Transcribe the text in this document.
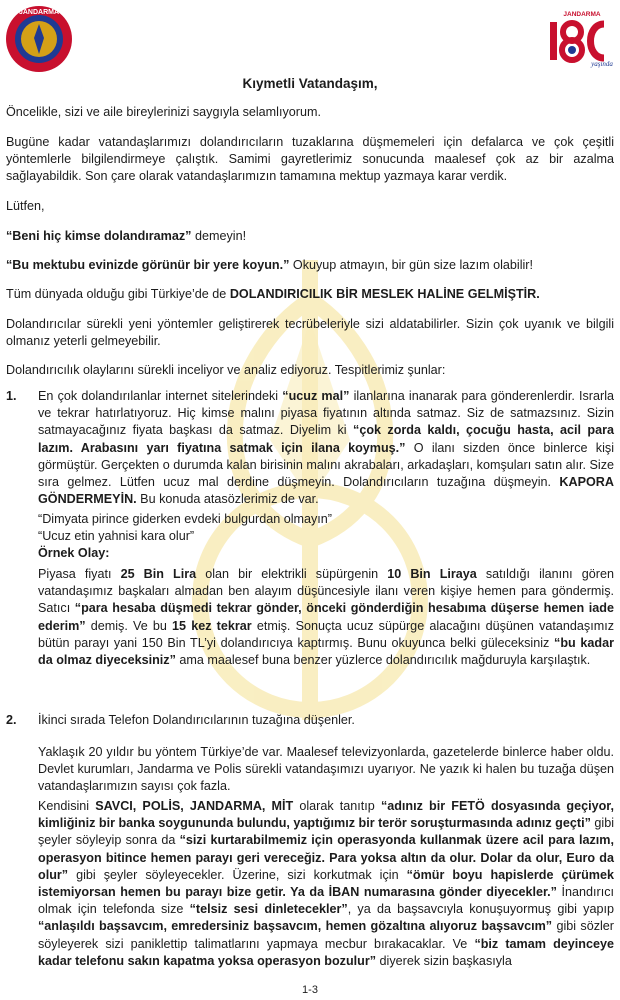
JANDARMA	JANDARMA
yaşında
Kıymetli Vatandaşım,

Öncelikle, sizi ve aile bireylerinizi saygıyla selamlıyorum.

Bugüne kadar vatandaşlarımızı dolandırıcıların tuzaklarına düşmemeleri için defalarca ve çok çeşitli yöntemlerle bilgilendirmeye çalıştık. Samimi gayretlerimiz sonucunda maalesef çok az bir azalma sağlayabildik. Son çare olarak vatandaşlarımızın tamamına mektup yazmaya karar verdik.

Lütfen,

“Beni hiç kimse dolandıramaz” demeyin!

“Bu mektubu evinizde görünür bir yere koyun.” Okuyup atmayın, bir gün size lazım olabilir!

Tüm dünyada olduğu gibi Türkiye’de de DOLANDIRICILIK BİR MESLEK HALİNE GELMİŞTİR.

Dolandırıcılar sürekli yeni yöntemler geliştirerek tecrübeleriyle sizi aldatabilirler. Sizin çok uyanık ve bilgili olmanız yeterli gelmeyebilir.

Dolandırıcılık olaylarını sürekli inceliyor ve analiz ediyoruz. Tespitlerimiz şunlar:

1. En çok dolandırılanlar internet sitelerindeki “ucuz mal” ilanlarına inanarak para gönderenlerdir. Israrla ve tekrar hatırlatıyoruz. Hiç kimse malını piyasa fiyatının altında satmaz. Siz de satmazsınız. Sizin satmayacağınız fiyata başkası da satmaz. Diyelim ki “çok zorda kaldı, çocuğu hasta, acil para lazım. Arabasını yarı fiyatına satmak için ilana koymuş.” O ilanı sizden önce binlerce kişi görmüştür. Gerçekten o durumda kalan birisinin malını akrabaları, arkadaşları, komşuları satın alır. Size sıra gelmez. Lütfen ucuz mal derdine düşmeyin. Dolandırıcıların tuzağına düşmeyin. KAPORA GÖNDERMEYİN. Bu konuda atasözlerimiz de var.

“Dimyata pirince giderken evdeki bulgurdan olmayın”

“Ucuz etin yahnisi kara olur”

Örnek Olay:

Piyasa fiyatı 25 Bin Lira olan bir elektrikli süpürgenin 10 Bin Liraya satıldığı ilanını gören vatandaşımız başkaları almadan ben alayım düşüncesiyle ilanı veren kişiye hemen para göndermiş. Satıcı “para hesaba düşmedi tekrar gönder, önceki gönderdiğin hesabıma düşerse hemen iade ederim” demiş. Ve bu 15 kez tekrar etmiş. Sonuçta ucuz süpürge alacağını düşünen vatandaşımız bütün parayı yani 150 Bin TL’yi dolandırıcıya kaptırmış. Bunu okuyunca belki güleceksiniz “bu kadar da olmaz diyeceksiniz” ama maalesef buna benzer yüzlerce dolandırıcılık mağduruyla karşılaştık.

2. İkinci sırada Telefon Dolandırıcılarının tuzağına düşenler.

Yaklaşık 20 yıldır bu yöntem Türkiye’de var. Maalesef televizyonlarda, gazetelerde binlerce haber oldu. Devlet kurumları, Jandarma ve Polis sürekli vatandaşımızı uyarıyor. Ne yazık ki halen bu tuzağa düşen vatandaşlarımızın sayısı çok fazla.

Kendisini SAVCI, POLİS, JANDARMA, MİT olarak tanıtıp “adınız bir FETÖ dosyasında geçiyor, kimliğiniz bir banka soygununda bulundu, yaptığımız bir terör soruşturmasında adınız geçti” gibi şeyler söyleyip sonra da “sizi kurtarabilmemiz için operasyonda kullanmak üzere acil para lazım, operasyon bitince hemen parayı geri vereceğiz. Para yoksa altın da olur. Dolar da olur, Euro da olur” gibi şeyler söyleyecekler. Üzerine, sizi korkutmak için “ömür boyu hapislerde çürümek istemiyorsan hemen bu parayı bize getir. Ya da İBAN numarasına gönder diyecekler.” İnandırıcı olmak için telefonda size “telsiz sesi dinletecekler”, ya da başsavcıyla konuşuyormuş gibi yapıp “anlaşıldı başsavcım, emredersiniz başsavcım, hemen gözaltına alıyoruz başsavcım” gibi sözler söyleyerek sizi paniklettip talimatlarını yapmaya mecbur bırakacaklar. Ve “biz tamam deyinceye kadar telefonu sakın kapatma yoksa operasyon bozulur” diyerek sizin başkasıyla

1-3
